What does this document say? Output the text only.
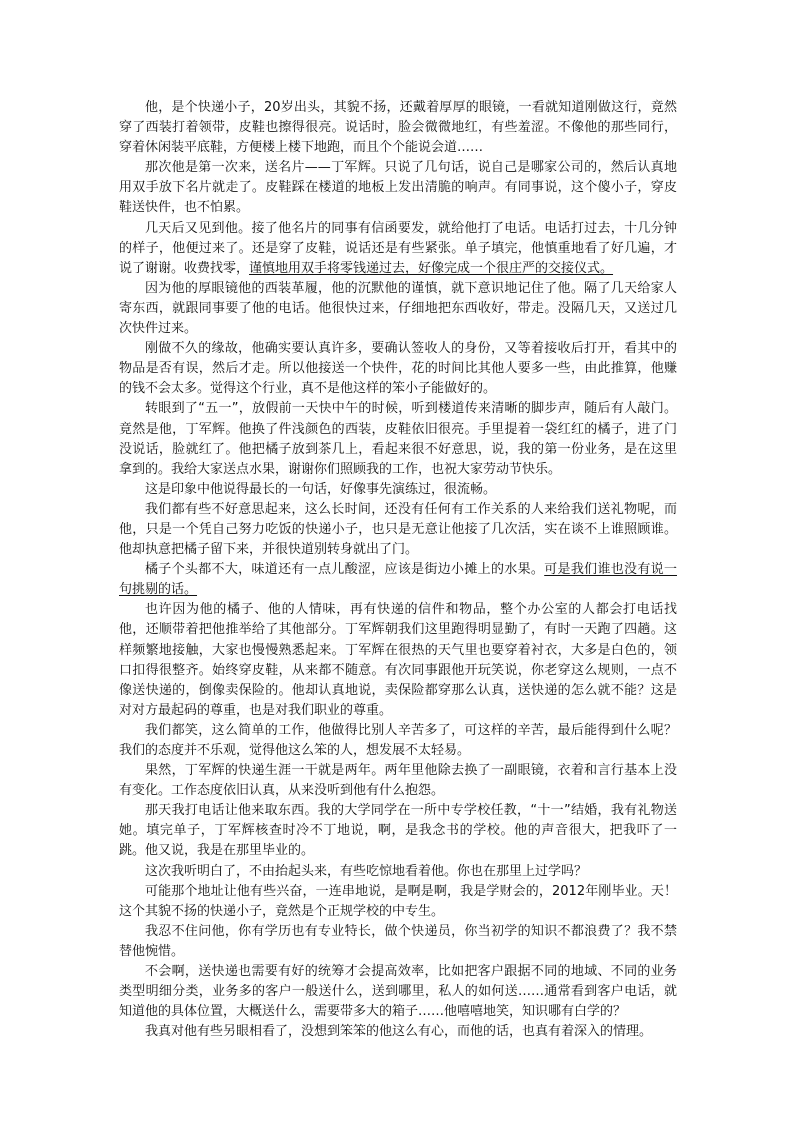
他，是个快递小子，20岁出头，其貌不扬，还戴着厚厚的眼镜，一看就知道刚做这行，竟然穿了西装打着领带，皮鞋也擦得很亮。说话时，脸会微微地红，有些羞涩。不像他的那些同行，穿着休闲装平底鞋，方便楼上楼下地跑，而且个个能说会道……

那次他是第一次来，送名片——丁军辉。只说了几句话，说自己是哪家公司的，然后认真地用双手放下名片就走了。皮鞋踩在楼道的地板上发出清脆的响声。有同事说，这个傻小子，穿皮鞋送快件，也不怕累。

几天后又见到他。接了他名片的同事有信函要发，就给他打了电话。电话打过去，十几分钟的样子，他便过来了。还是穿了皮鞋，说话还是有些紧张。单子填完，他慎重地看了好几遍，才说了谢谢。收费找零，谨慎地用双手将零钱递过去，好像完成一个很庄严的交接仪式。

因为他的厚眼镜他的西装革履，他的沉默他的谨慎，就下意识地记住了他。隔了几天给家人寄东西，就跟同事要了他的电话。他很快过来，仔细地把东西收好，带走。没隔几天，又送过几次快件过来。

刚做不久的缘故，他确实要认真许多，要确认签收人的身份，又等着接收后打开，看其中的物品是否有误，然后才走。所以他接送一个快件，花的时间比其他人要多一些，由此推算，他赚的钱不会太多。觉得这个行业，真不是他这样的笨小子能做好的。

转眼到了“五一”，放假前一天快中午的时候，听到楼道传来清晰的脚步声，随后有人敲门。竟然是他，丁军辉。他换了件浅颜色的西装，皮鞋依旧很亮。手里提着一袋红红的橘子，进了门没说话，脸就红了。他把橘子放到茶几上，看起来很不好意思，说，我的第一份业务，是在这里拿到的。我给大家送点水果，谢谢你们照顾我的工作，也祝大家劳动节快乐。

这是印象中他说得最长的一句话，好像事先演练过，很流畅。

我们都有些不好意思起来，这么长时间，还没有任何有工作关系的人来给我们送礼物呢，而他，只是一个凭自己努力吃饭的快递小子，也只是无意让他接了几次活，实在谈不上谁照顾谁。他却执意把橘子留下来，并很快道别转身就出了门。

橘子个头都不大，味道还有一点儿酸涩，应该是街边小摊上的水果。可是我们谁也没有说一句挑剔的话。

也许因为他的橘子、他的人情味，再有快递的信件和物品，整个办公室的人都会打电话找他，还顺带着把他推举给了其他部分。丁军辉朝我们这里跑得明显勤了，有时一天跑了四趟。这样频繁地接触，大家也慢慢熟悉起来。丁军辉在很热的天气里也要穿着衬衣，大多是白色的，领口扣得很整齐。始终穿皮鞋，从来都不随意。有次同事跟他开玩笑说，你老穿这么规则，一点不像送快递的，倒像卖保险的。他却认真地说，卖保险都穿那么认真，送快递的怎么就不能？这是对对方最起码的尊重，也是对我们职业的尊重。

我们都笑，这么简单的工作，他做得比别人辛苦多了，可这样的辛苦，最后能得到什么呢？我们的态度并不乐观，觉得他这么笨的人，想发展不太轻易。

果然，丁军辉的快递生涯一干就是两年。两年里他除去换了一副眼镜，衣着和言行基本上没有变化。工作态度依旧认真，从来没听到他有什么抱怨。

那天我打电话让他来取东西。我的大学同学在一所中专学校任教，“十一”结婚，我有礼物送她。填完单子，丁军辉核查时冷不丁地说，啊，是我念书的学校。他的声音很大，把我吓了一跳。他又说，我是在那里毕业的。

这次我听明白了，不由抬起头来，有些吃惊地看着他。你也在那里上过学吗？

可能那个地址让他有些兴奋，一连串地说，是啊是啊，我是学财会的，2012年刚毕业。天！这个其貌不扬的快递小子，竟然是个正规学校的中专生。

我忍不住问他，你有学历也有专业特长，做个快递员，你当初学的知识不都浪费了？我不禁替他惋惜。

不会啊，送快递也需要有好的统筹才会提高效率，比如把客户跟据不同的地域、不同的业务类型明细分类，业务多的客户一般送什么，送到哪里，私人的如何送……通常看到客户电话，就知道他的具体位置，大概送什么，需要带多大的箱子……他嘻嘻地笑，知识哪有白学的？

我真对他有些另眼相看了，没想到笨笨的他这么有心，而他的话，也真有着深入的情理。
